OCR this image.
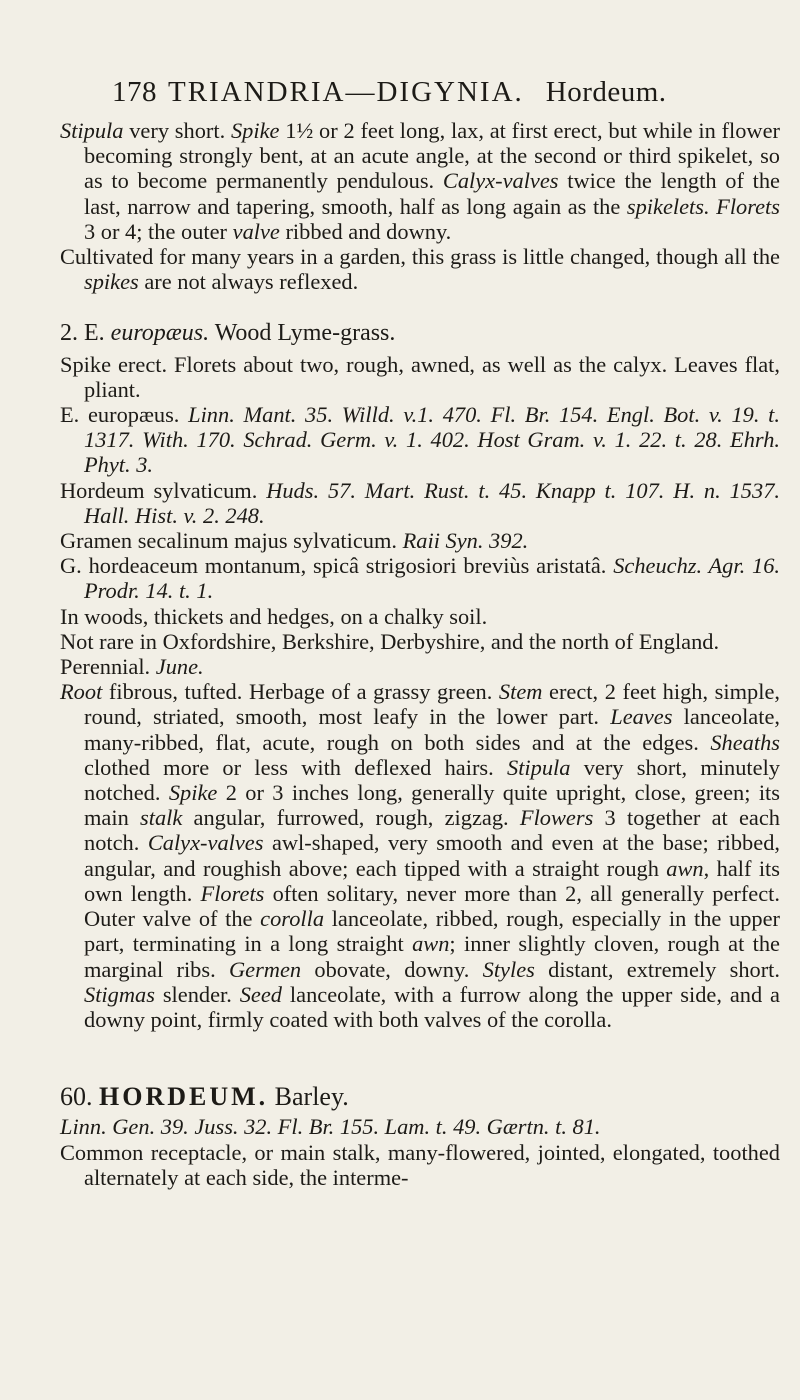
178 TRIANDRIA—DIGYNIA. Hordeum.

Stipula very short. Spike 1½ or 2 feet long, lax, at first erect, but while in flower becoming strongly bent, at an acute angle, at the second or third spikelet, so as to become permanently pendulous. Calyx-valves twice the length of the last, narrow and tapering, smooth, half as long again as the spikelets. Florets 3 or 4; the outer valve ribbed and downy.

Cultivated for many years in a garden, this grass is little changed, though all the spikes are not always reflexed.

2. E. europæus. Wood Lyme-grass.

Spike erect. Florets about two, rough, awned, as well as the calyx. Leaves flat, pliant.

E. europæus. Linn. Mant. 35. Willd. v.1. 470. Fl. Br. 154. Engl. Bot. v. 19. t. 1317. With. 170. Schrad. Germ. v. 1. 402. Host Gram. v. 1. 22. t. 28. Ehrh. Phyt. 3.

Hordeum sylvaticum. Huds. 57. Mart. Rust. t. 45. Knapp t. 107. H. n. 1537. Hall. Hist. v. 2. 248.

Gramen secalinum majus sylvaticum. Raii Syn. 392.

G. hordeaceum montanum, spicâ strigosiori breviùs aristatâ. Scheuchz. Agr. 16. Prodr. 14. t. 1.

In woods, thickets and hedges, on a chalky soil.

Not rare in Oxfordshire, Berkshire, Derbyshire, and the north of England.

Perennial. June.

Root fibrous, tufted. Herbage of a grassy green. Stem erect, 2 feet high, simple, round, striated, smooth, most leafy in the lower part. Leaves lanceolate, many-ribbed, flat, acute, rough on both sides and at the edges. Sheaths clothed more or less with deflexed hairs. Stipula very short, minutely notched. Spike 2 or 3 inches long, generally quite upright, close, green; its main stalk angular, furrowed, rough, zigzag. Flowers 3 together at each notch. Calyx-valves awl-shaped, very smooth and even at the base; ribbed, angular, and roughish above; each tipped with a straight rough awn, half its own length. Florets often solitary, never more than 2, all generally perfect. Outer valve of the corolla lanceolate, ribbed, rough, especially in the upper part, terminating in a long straight awn; inner slightly cloven, rough at the marginal ribs. Germen obovate, downy. Styles distant, extremely short. Stigmas slender. Seed lanceolate, with a furrow along the upper side, and a downy point, firmly coated with both valves of the corolla.

60. HORDEUM. Barley.

Linn. Gen. 39. Juss. 32. Fl. Br. 155. Lam. t. 49. Gærtn. t. 81.

Common receptacle, or main stalk, many-flowered, jointed, elongated, toothed alternately at each side, the interme-
